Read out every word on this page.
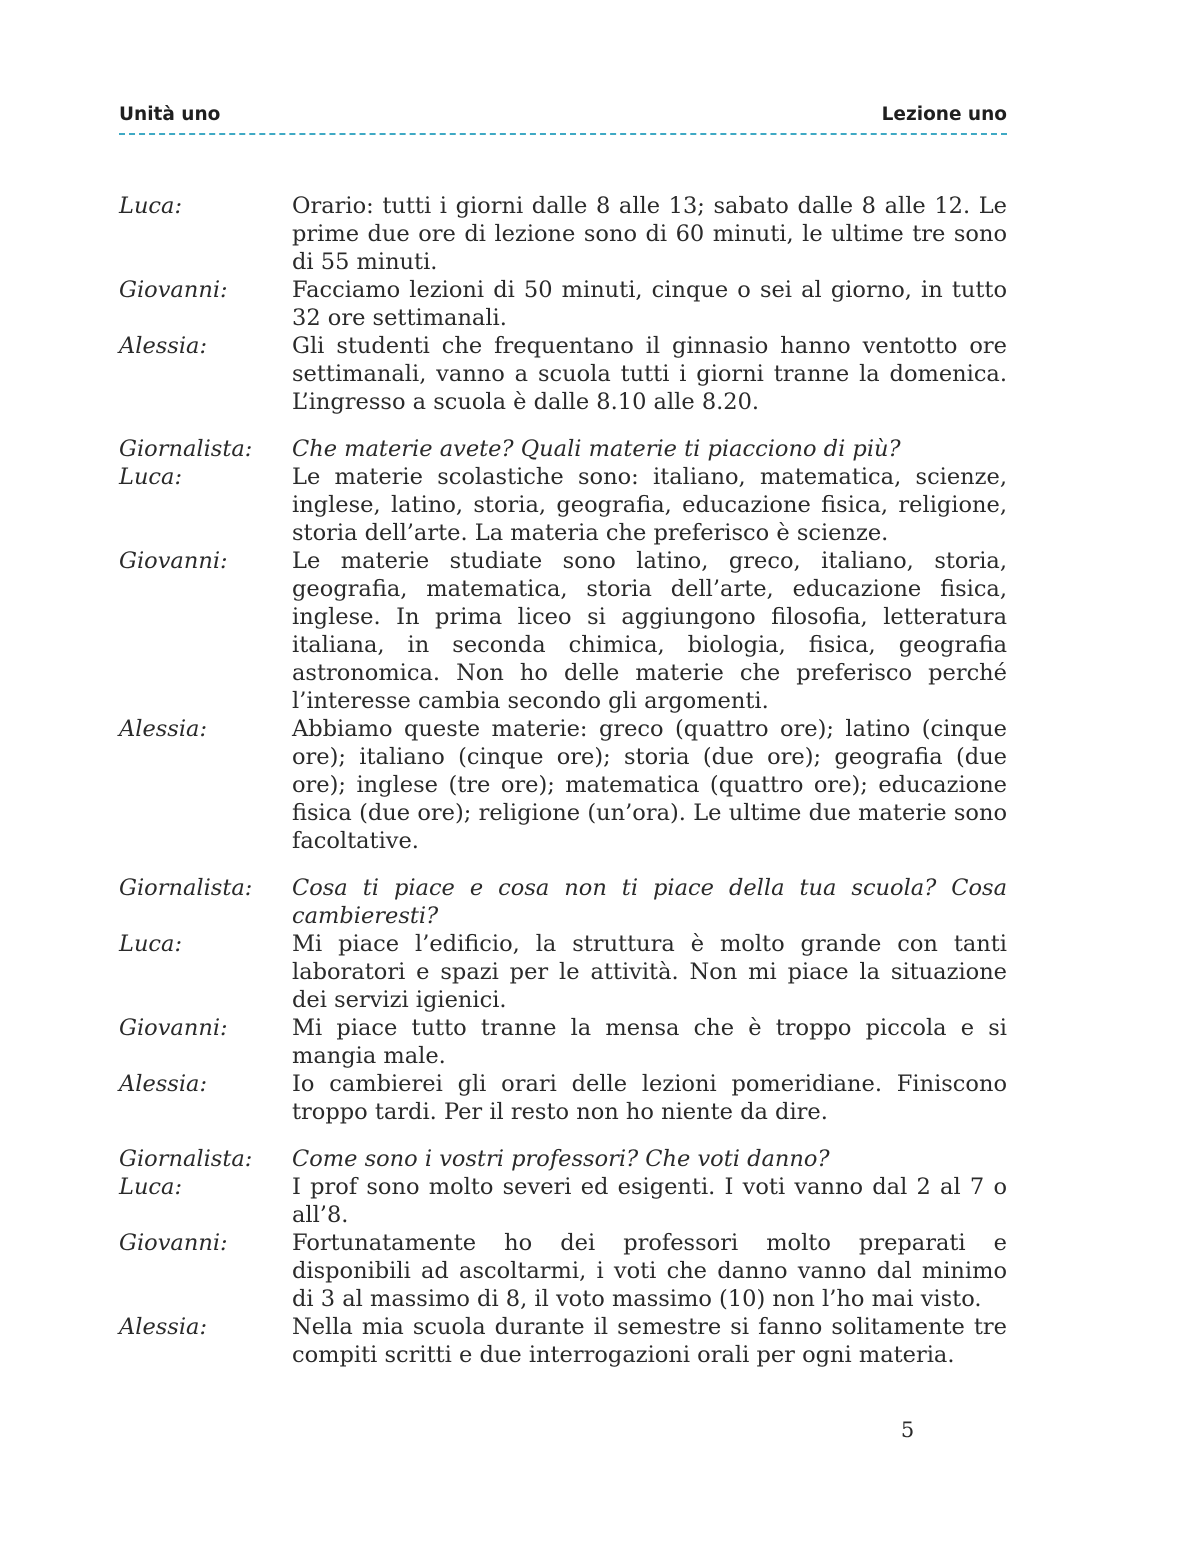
Unità uno	Lezione uno
Luca:	Orario: tutti i giorni dalle 8 alle 13; sabato dalle 8 alle 12. Le prime due ore di lezione sono di 60 minuti, le ultime tre sono di 55 minuti.
Giovanni:	Facciamo lezioni di 50 minuti, cinque o sei al giorno, in tutto 32 ore settimanali.
Alessia:	Gli studenti che frequentano il ginnasio hanno ventotto ore settimanali, vanno a scuola tutti i giorni tranne la domenica. L’ingresso a scuola è dalle 8.10 alle 8.20.
Giornalista:	Che materie avete? Quali materie ti piacciono di più?
Luca:	Le materie scolastiche sono: italiano, matematica, scienze, inglese, latino, storia, geografia, educazione fisica, religione, storia dell’arte. La materia che preferisco è scienze.
Giovanni:	Le materie studiate sono latino, greco, italiano, storia, geografia, matematica, storia dell’arte, educazione fisica, inglese. In prima liceo si aggiungono filosofia, letteratura italiana, in seconda chimica, biologia, fisica, geografia astronomica. Non ho delle materie che preferisco perché l’interesse cambia secondo gli argomenti.
Alessia:	Abbiamo queste materie: greco (quattro ore); latino (cinque ore); italiano (cinque ore); storia (due ore); geografia (due ore); inglese (tre ore); matematica (quattro ore); educazione fisica (due ore); religione (un’ora). Le ultime due materie sono facoltative.
Giornalista:	Cosa ti piace e cosa non ti piace della tua scuola? Cosa cambieresti?
Luca:	Mi piace l’edificio, la struttura è molto grande con tanti laboratori e spazi per le attività. Non mi piace la situazione dei servizi igienici.
Giovanni:	Mi piace tutto tranne la mensa che è troppo piccola e si mangia male.
Alessia:	Io cambierei gli orari delle lezioni pomeridiane. Finiscono troppo tardi. Per il resto non ho niente da dire.
Giornalista:	Come sono i vostri professori? Che voti danno?
Luca:	I prof sono molto severi ed esigenti. I voti vanno dal 2 al 7 o all’8.
Giovanni:	Fortunatamente ho dei professori molto preparati e disponibili ad ascoltarmi, i voti che danno vanno dal minimo di 3 al massimo di 8, il voto massimo (10) non l’ho mai visto.
Alessia:	Nella mia scuola durante il semestre si fanno solitamente tre compiti scritti e due interrogazioni orali per ogni materia.
5
